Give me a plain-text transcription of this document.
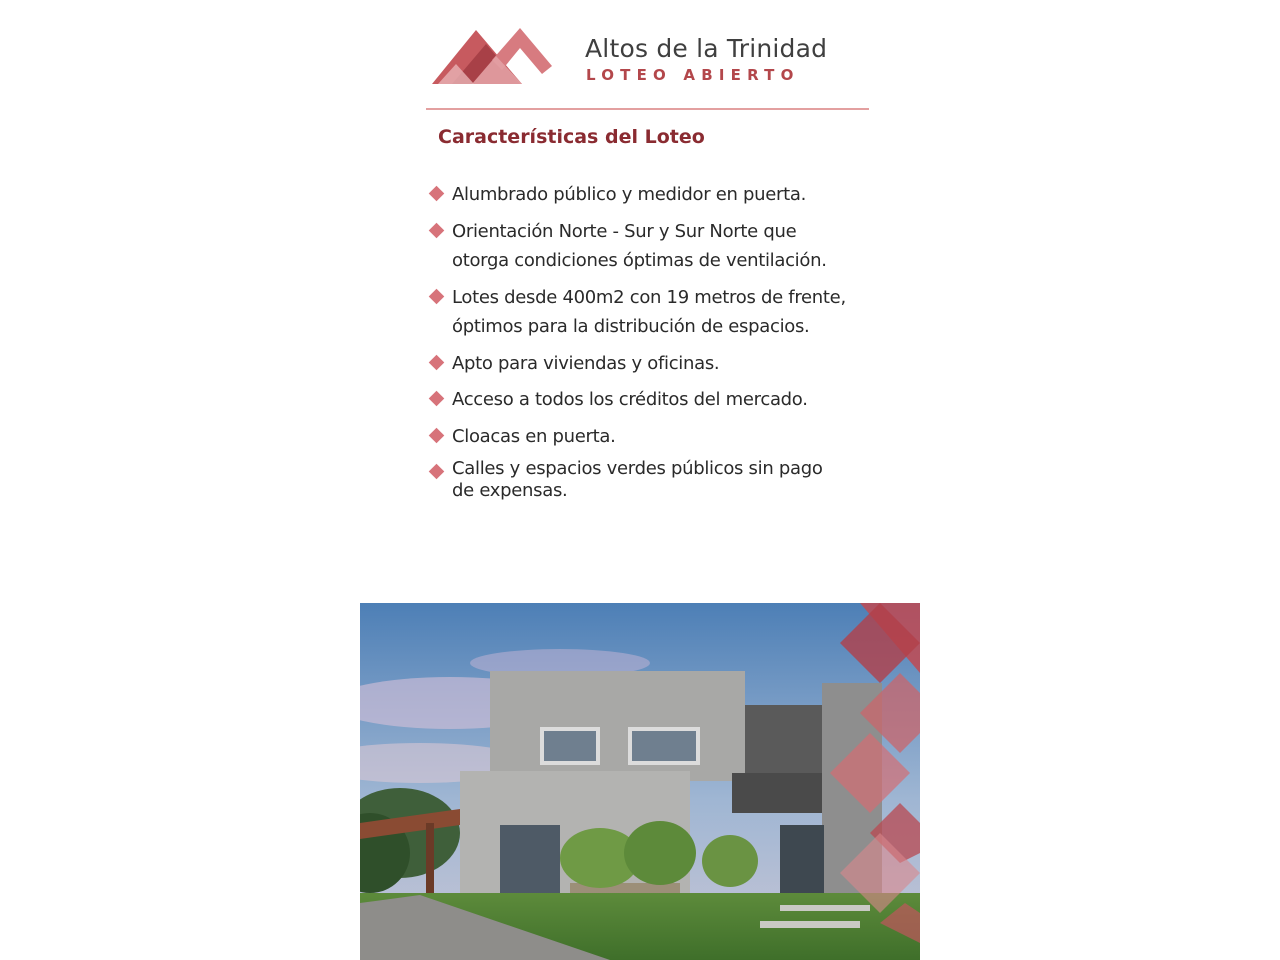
Altos de la Trinidad
LOTEO ABIERTO
Características del Loteo
Alumbrado público y medidor en puerta.
Orientación Norte - Sur y Sur Norte que
otorga condiciones óptimas de ventilación.
Lotes desde 400m2 con 19 metros de frente,
óptimos para la distribución de espacios.
Apto para viviendas y oficinas.
Acceso a todos los créditos del mercado.
Cloacas en puerta.
Calles y espacios verdes públicos sin pago
de expensas.
